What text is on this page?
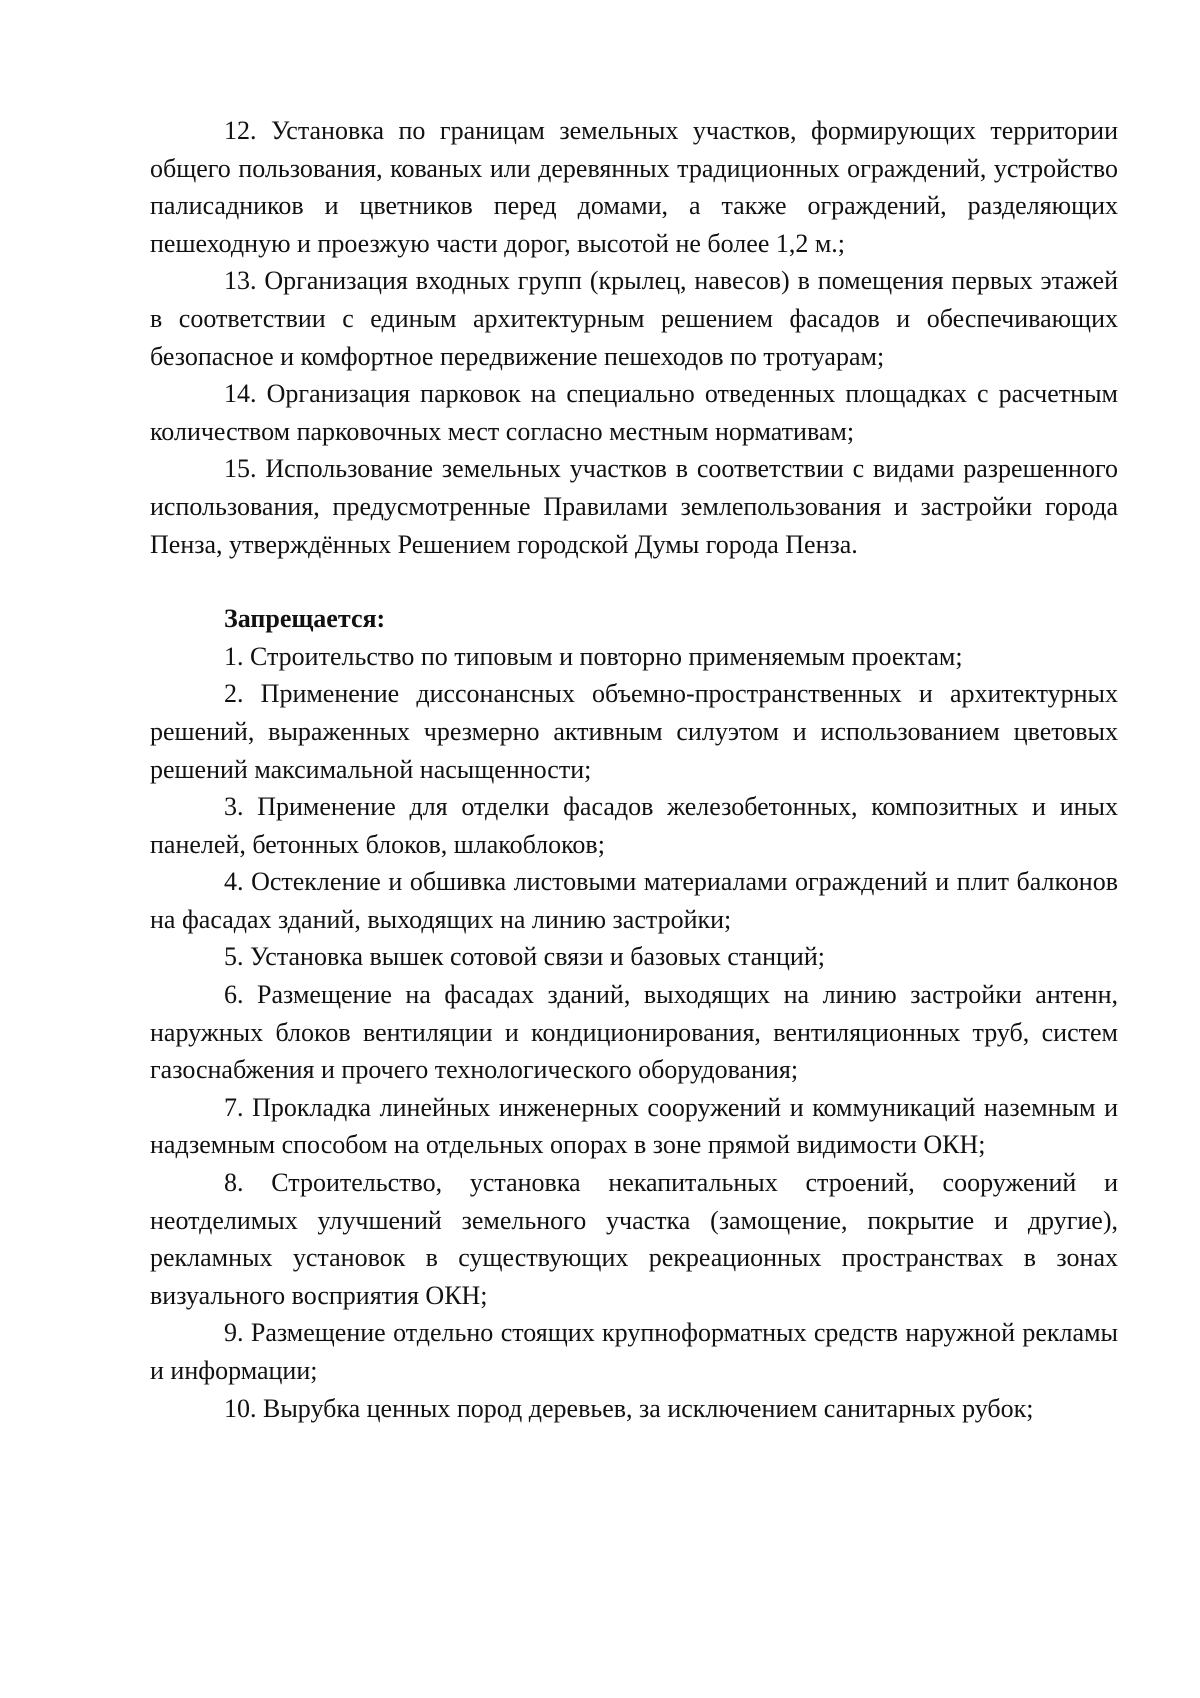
12. Установка по границам земельных участков, формирующих территории общего пользования, кованых или деревянных традиционных ограждений, устройство палисадников и цветников перед домами, а также ограждений, разделяющих пешеходную и проезжую части дорог, высотой не более 1,2 м.;

13. Организация входных групп (крылец, навесов) в помещения первых этажей в соответствии с единым архитектурным решением фасадов и обеспечивающих безопасное и комфортное передвижение пешеходов по тротуарам;

14. Организация парковок на специально отведенных площадках с расчетным количеством парковочных мест согласно местным нормативам;

15. Использование земельных участков в соответствии с видами разрешенного использования, предусмотренные Правилами землепользования и застройки города Пенза, утверждённых Решением городской Думы города Пенза.

Запрещается:

1. Строительство по типовым и повторно применяемым проектам;

2. Применение диссонансных объемно-пространственных и архитектурных решений, выраженных чрезмерно активным силуэтом и использованием цветовых решений максимальной насыщенности;

3. Применение для отделки фасадов железобетонных, композитных и иных панелей, бетонных блоков, шлакоблоков;

4. Остекление и обшивка листовыми материалами ограждений и плит балконов на фасадах зданий, выходящих на линию застройки;

5. Установка вышек сотовой связи и базовых станций;

6. Размещение на фасадах зданий, выходящих на линию застройки антенн, наружных блоков вентиляции и кондиционирования, вентиляционных труб, систем газоснабжения и прочего технологического оборудования;

7. Прокладка линейных инженерных сооружений и коммуникаций наземным и надземным способом на отдельных опорах в зоне прямой видимости ОКН;

8. Строительство, установка некапитальных строений, сооружений и неотделимых улучшений земельного участка (замощение, покрытие и другие), рекламных установок в существующих рекреационных пространствах в зонах визуального восприятия ОКН;

9. Размещение отдельно стоящих крупноформатных средств наружной рекламы и информации;

10. Вырубка ценных пород деревьев, за исключением санитарных рубок;
